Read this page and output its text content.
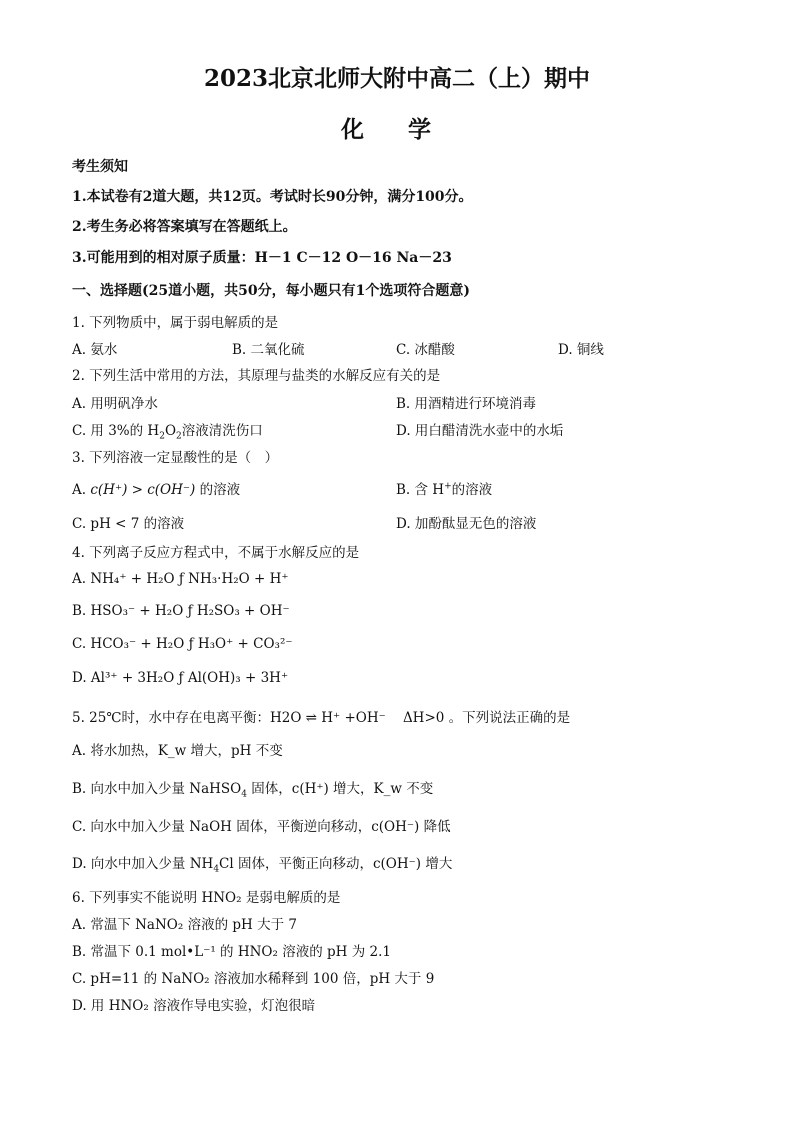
2023北京北师大附中高二（上）期中
化学
考生须知
1.本试卷有2道大题，共12页。考试时长90分钟，满分100分。
2.考生务必将答案填写在答题纸上。
3.可能用到的相对原子质量：H－1 C－12 O－16 Na－23
一、选择题(25道小题，共50分，每小题只有1个选项符合题意)
1. 下列物质中，属于弱电解质的是
A. 氨水	B. 二氧化硫	C. 冰醋酸	D. 铜线
2. 下列生活中常用的方法，其原理与盐类的水解反应有关的是
A. 用明矾净水	B. 用酒精进行环境消毒
C. 用 3%的 $H_2O_2$溶液清洗伤口	D. 用白醋清洗水壶中的水垢
3. 下列溶液一定显酸性的是（　）
A. c(H⁺) > c(OH⁻) 的溶液	B. 含 H+的溶液
C. pH < 7 的溶液	D. 加酚酞显无色的溶液
4. 下列离子反应方程式中，不属于水解反应的是
A. NH₄⁺ + H₂O ƒ NH₃·H₂O + H⁺
B. HSO₃⁻ + H₂O ƒ H₂SO₃ + OH⁻
C. HCO₃⁻ + H₂O ƒ H₃O⁺ + CO₃²⁻
D. Al³⁺ + 3H₂O ƒ Al(OH)₃ + 3H⁺
5. 25℃时，水中存在电离平衡：H2O ⇌ H⁺ +OH⁻ ΔH>0 。下列说法正确的是
A. 将水加热，K_w 增大，pH 不变
B. 向水中加入少量 NaHSO$_4$ 固体，c(H⁺) 增大，K_w 不变
C. 向水中加入少量 NaOH 固体，平衡逆向移动，c(OH⁻) 降低
D. 向水中加入少量 $NH_4Cl$ 固体，平衡正向移动，c(OH⁻) 增大
6. 下列事实不能说明 HNO₂ 是弱电解质的是
A. 常温下 NaNO₂ 溶液的 pH 大于 7
B. 常温下 0.1 mol•L⁻¹ 的 HNO₂ 溶液的 pH 为 2.1
C. pH=11 的 NaNO₂ 溶液加水稀释到 100 倍，pH 大于 9
D. 用 HNO₂ 溶液作导电实验，灯泡很暗
